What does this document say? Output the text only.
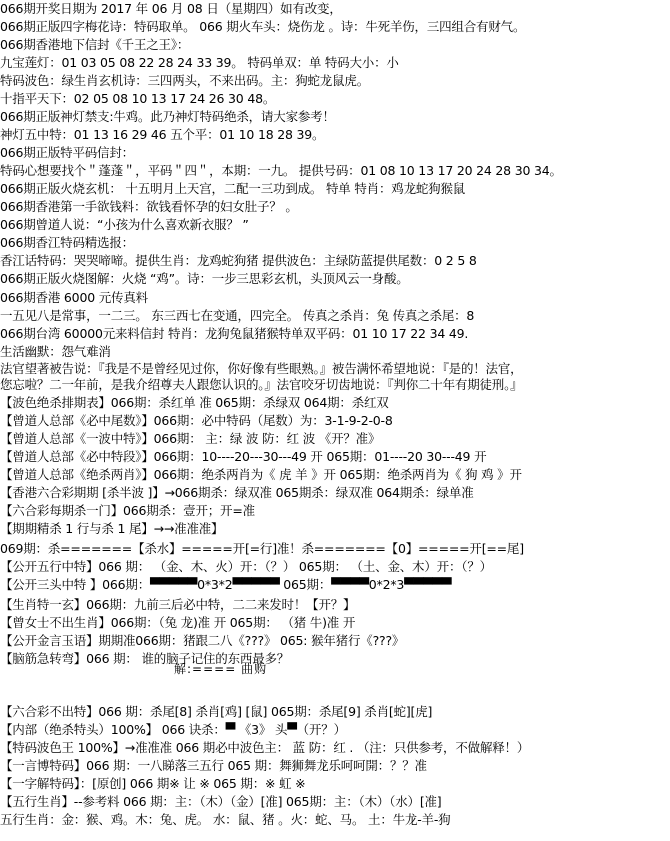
066期开奖日期为 2017 年 06 月 08 日（星期四）如有改变，
066期正版四字梅花诗：特码取单。 066 期火车头：烧伤龙 。诗：牛死羊伤，三四组合有财气。
066期香港地下信封《千王之王》：
九宝莲灯：01 03 05 08 22 28 24 33 39。 特码单双：单 特码大小：小
特码波色：绿生肖玄机诗：三四两头，不来出码。主：狗蛇龙鼠虎。
十指平天下：02 05 08 10 13 17 24 26 30 48。
066期正版神灯禁支:牛鸡。此乃神灯特码绝杀，请大家参考！
神灯五中特：01 13 16 29 46 五个平：01 10 18 28 39。
066期正版特平码信封：
特码心想要找个＂蓬蓬＂，平码＂四＂，本期：一九。 提供号码：01 08 10 13 17 20 24 28 30 34。
066期正版火烧玄机： 十五明月上天宫，二配一三功到成。 特单 特肖：鸡龙蛇狗猴鼠
066期香港第一手欲钱料：欲钱看怀孕的妇女肚子？ 。
066期曾道人说：“小孩为什么喜欢新衣服？ ”
066期香江特码精选报：
香江话特码：哭哭啼啼。提供生肖：龙鸡蛇狗猪 提供波色：主绿防蓝提供尾数：0 2 5 8
066期正版火烧图解：火烧 “鸡”。诗：一步三思彩玄机，头顶风云一身酸。
066期香港 6000 元传真料
一五见八是常事，一二三。 东三西七在变通，四完全。 传真之杀肖：兔 传真之杀尾：8
066期台湾 60000元来料信封 特肖：龙狗兔鼠猪猴特单双平码：01 10 17 22 34 49.
生活幽默：怨气难消
法官望著被告说：『我是不是曾经见过你，你好像有些眼熟。』被告满怀希望地说：『是的！法官，
您忘啦？二一年前，是我介绍尊夫人跟您认识的。』法官咬牙切齿地说：『判你二十年有期徒刑。』
【波色绝杀排期表】066期：杀红单 准 065期：杀绿双 064期：杀红双
【曾道人总部《必中尾数》】066期：必中特码（尾数）为：3-1-9-2-0-8
【曾道人总部《一波中特》】066期： 主：绿 波 防：红 波 《开？准》
【曾道人总部《必中特段》】066期：10----20---30---49 开 065期：01----20 30---49 开
【曾道人总部《绝杀两肖》】066期：绝杀两肖为《 虎 羊 》开 065期：绝杀两肖为《 狗 鸡 》开
【香港六合彩期期 [杀半波 ]】→066期杀：绿双准 065期杀：绿双准 064期杀：绿单准
【六合彩每期杀一门】066期杀：壹开；开=准
【期期精杀 1 行与杀 1 尾】→→准准准】
069期：杀=======【杀水】=====开[=行]准！杀=======【0】=====开[==尾]
【公开五行中特】066 期： （金、木、火）开：（？） 065期： （土、金、木）开：（？）
【公开三头中特 】066期：▀▀▀▀▀0*3*2▀▀▀▀▀ 065期：▀▀▀▀0*2*3▀▀▀▀▀
【生肖特一玄】066期：九前三后必中特，二二来发时！【开？】
【曾女士不出生肖】066期：（兔 龙)准 开 065期： （猪 牛)准 开
【公开金言玉语】期期准066期：猪跟二八《???》 065: 猴年猪行《???》
【脑筋急转弯】066 期： 谁的脑子记住的东西最多？
【六合彩不出特】066 期：杀尾[8] 杀肖[鸡] [鼠] 065期：杀尾[9] 杀肖[蛇][虎]
【内部（绝杀特头）100%】 066 诀杀：▀ 《3》 头▀（开？）
【特码波色王 100%】→准准准 066 期必中波色主： 蓝 防：红 . （注：只供参考，不做解释！）
【一言博特码】066 期：一八睇落三五行 065 期：舞狮舞龙乐呵呵開：？？准
【一字解特码】：[原创] 066 期※ 让 ※ 065 期：※ 虹 ※
【五行生肖】--参考料 066 期：主：（木）（金）[准] 065期：主：（木）（水）[准]
五行生肖：金：猴、鸡。木：兔、虎。 水：鼠、猪 。火：蛇、马。 土：牛龙-羊-狗
解:==== 曲购
